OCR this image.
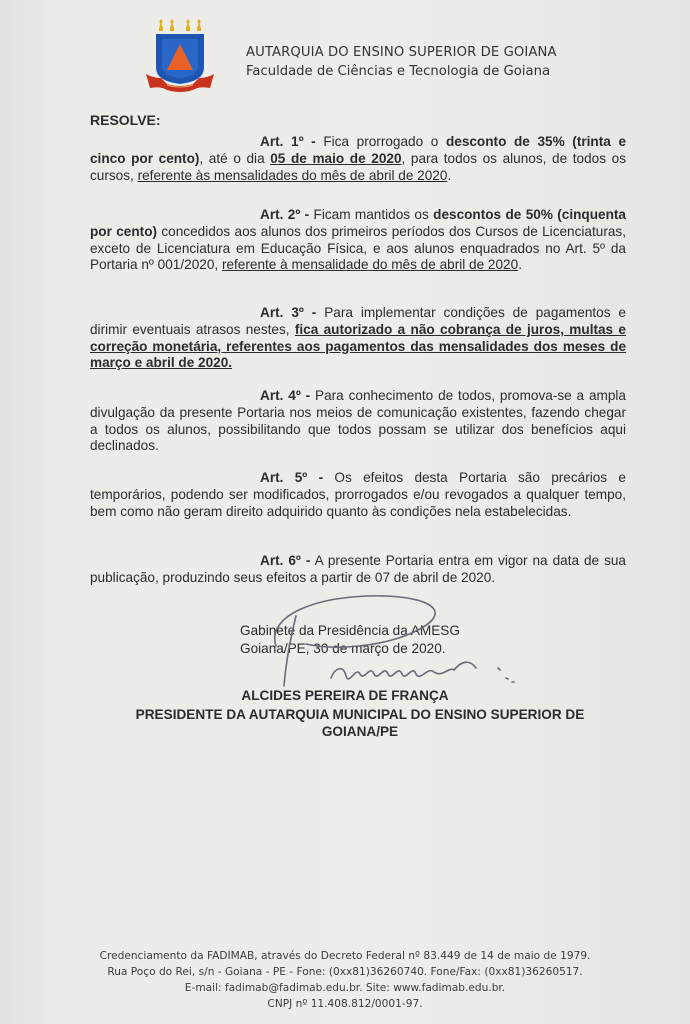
AUTARQUIA DO ENSINO SUPERIOR DE GOIANA
Faculdade de Ciências e Tecnologia de Goiana
RESOLVE:
Art. 1º - Fica prorrogado o desconto de 35% (trinta e cinco por cento), até o dia 05 de maio de 2020, para todos os alunos, de todos os cursos, referente às mensalidades do mês de abril de 2020.
Art. 2º - Ficam mantidos os descontos de 50% (cinquenta por cento) concedidos aos alunos dos primeiros períodos dos Cursos de Licenciaturas, exceto de Licenciatura em Educação Física, e aos alunos enquadrados no Art. 5º da Portaria nº 001/2020, referente à mensalidade do mês de abril de 2020.
Art. 3º - Para implementar condições de pagamentos e dirimir eventuais atrasos nestes, fica autorizado a não cobrança de juros, multas e correção monetária, referentes aos pagamentos das mensalidades dos meses de março e abril de 2020.
Art. 4º - Para conhecimento de todos, promova-se a ampla divulgação da presente Portaria nos meios de comunicação existentes, fazendo chegar a todos os alunos, possibilitando que todos possam se utilizar dos benefícios aqui declinados.
Art. 5º - Os efeitos desta Portaria são precários e temporários, podendo ser modificados, prorrogados e/ou revogados a qualquer tempo, bem como não geram direito adquirido quanto às condições nela estabelecidas.
Art. 6º - A presente Portaria entra em vigor na data de sua publicação, produzindo seus efeitos a partir de 07 de abril de 2020.
Gabinete da Presidência da AMESG
Goiana/PE, 30 de março de 2020.
ALCIDES PEREIRA DE FRANÇA
PRESIDENTE DA AUTARQUIA MUNICIPAL DO ENSINO SUPERIOR DE GOIANA/PE
Credenciamento da FADIMAB, através do Decreto Federal nº 83.449 de 14 de maio de 1979.
Rua Poço do Rei, s/n - Goiana - PE - Fone: (0xx81)36260740. Fone/Fax: (0xx81)36260517.
E-mail: fadimab@fadimab.edu.br. Site: www.fadimab.edu.br.
CNPJ nº 11.408.812/0001-97.
